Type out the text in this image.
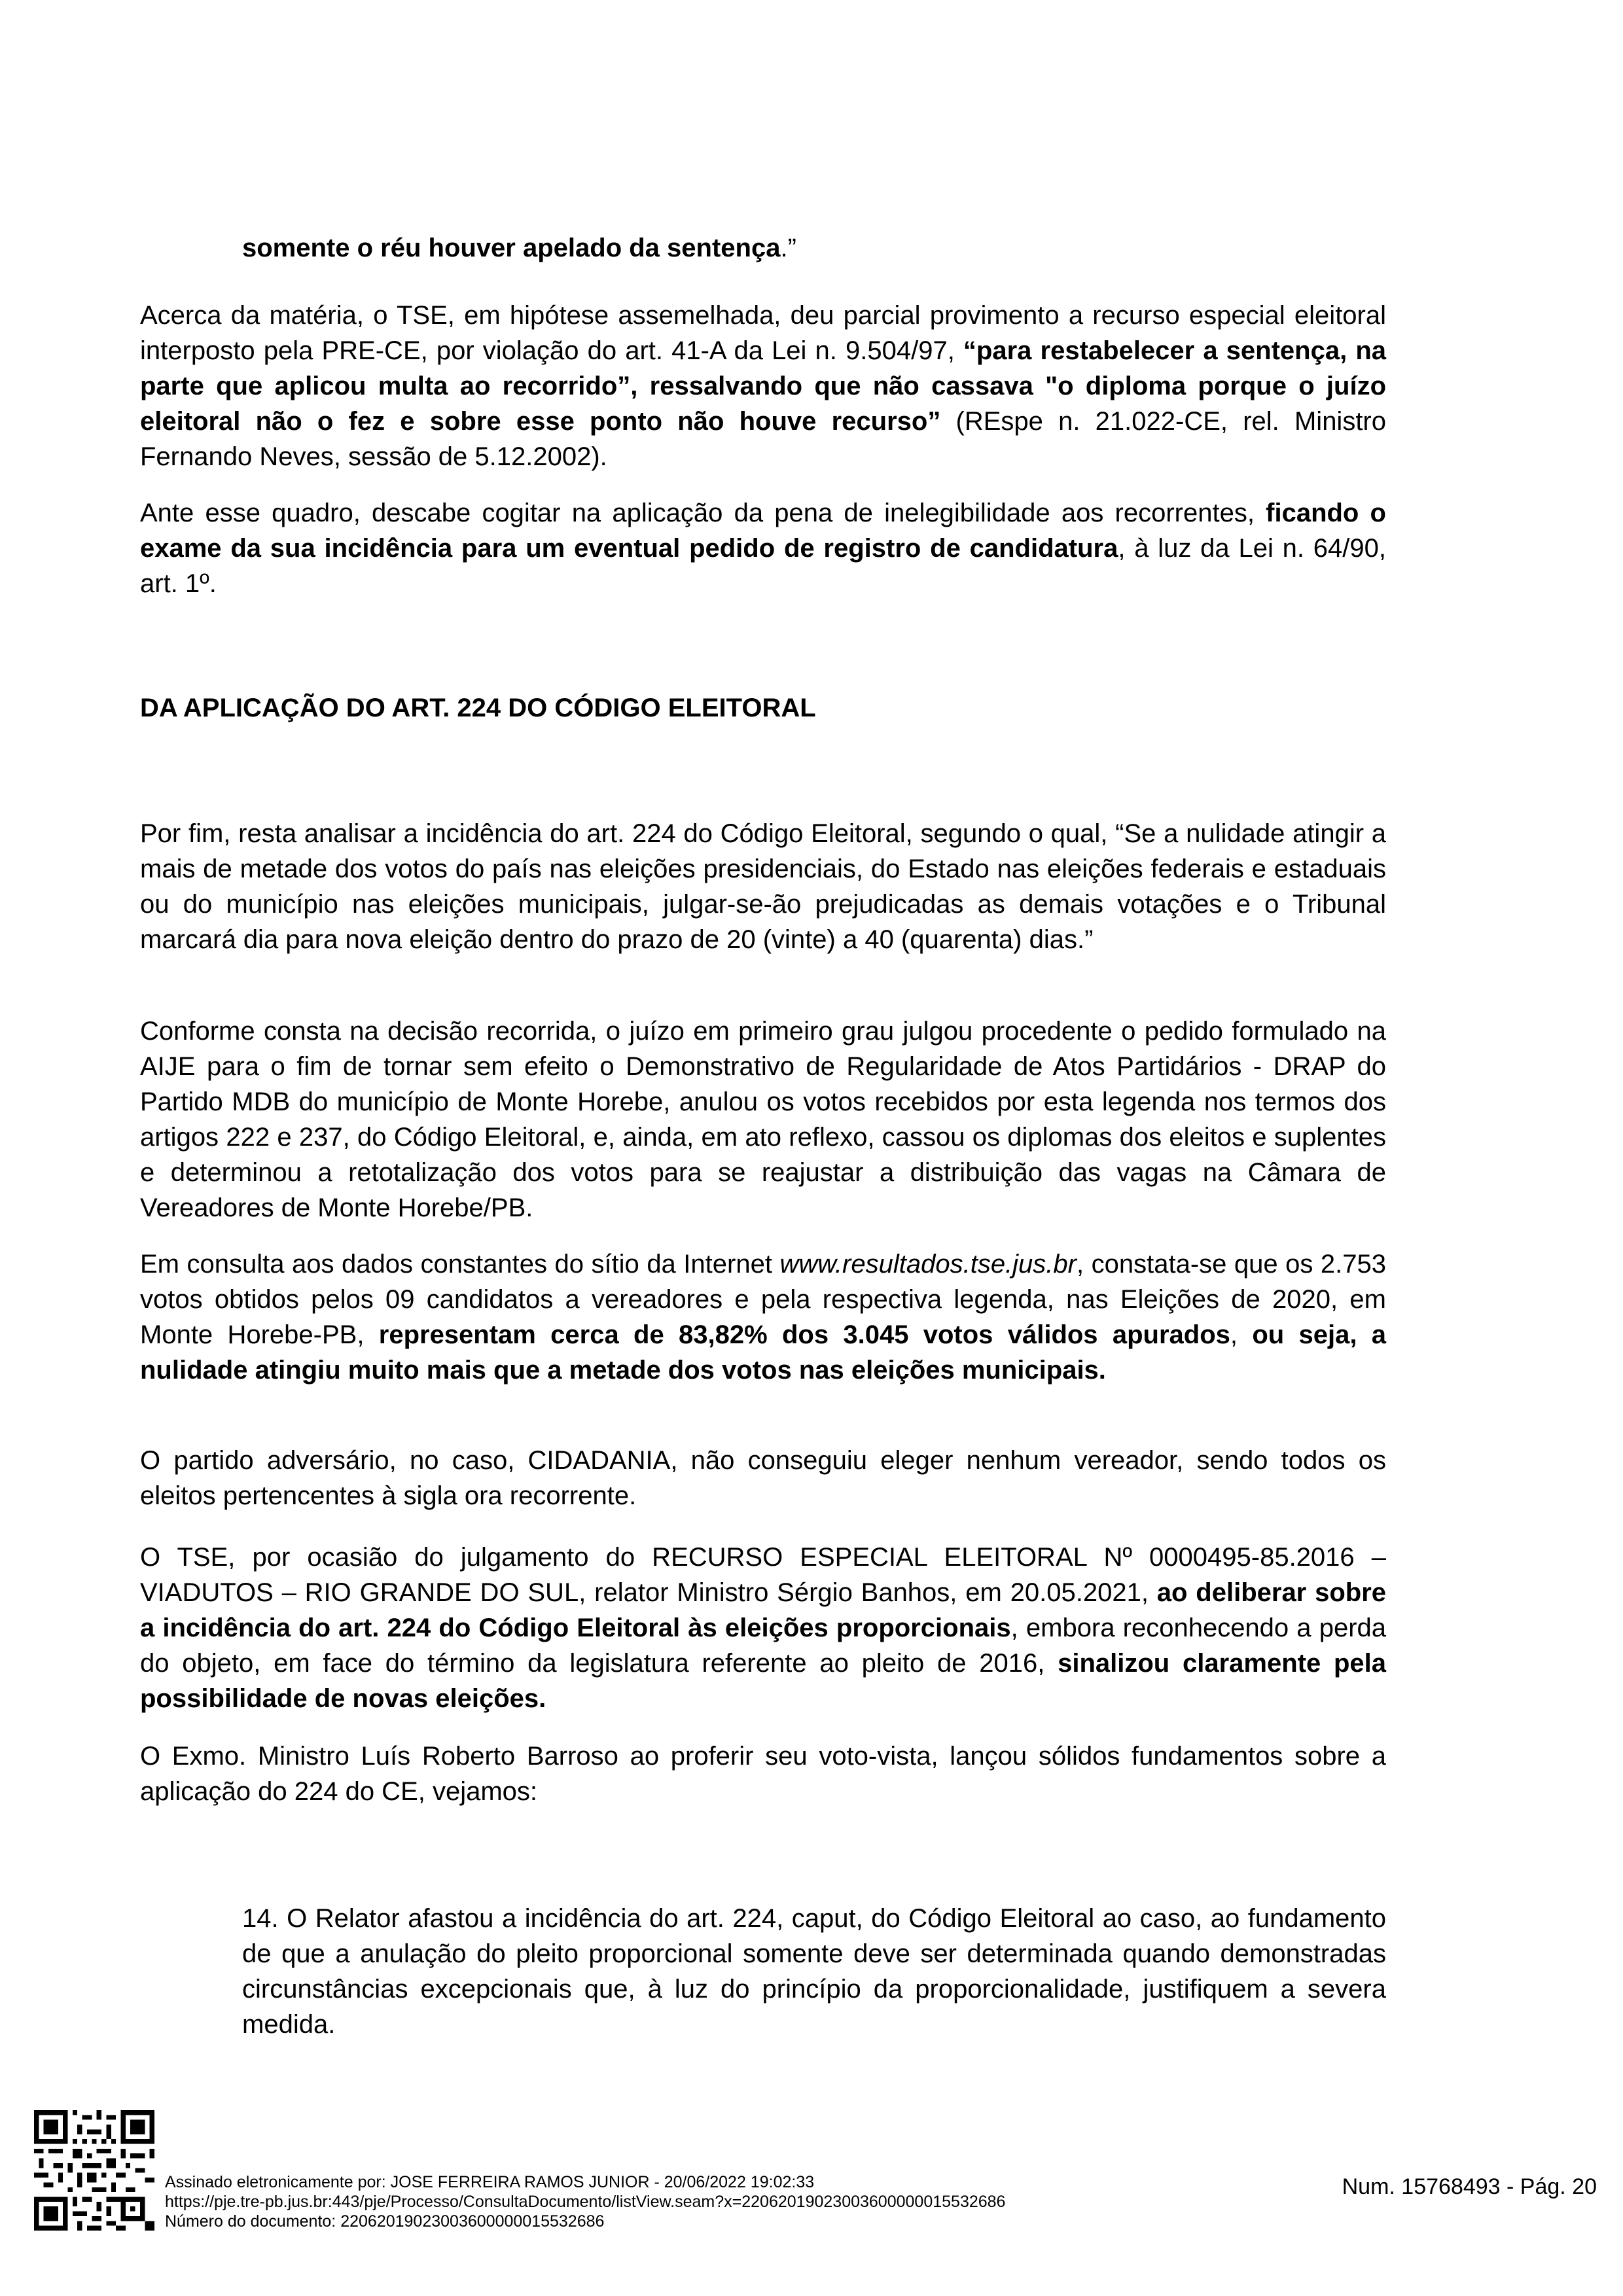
somente o réu houver apelado da sentença.”

Acerca da matéria, o TSE, em hipótese assemelhada, deu parcial provimento a recurso especial eleitoral interposto pela PRE-CE, por violação do art. 41-A da Lei n. 9.504/97, “para restabelecer a sentença, na parte que aplicou multa ao recorrido”, ressalvando que não cassava "o diploma porque o juízo eleitoral não o fez e sobre esse ponto não houve recurso” (REspe n. 21.022-CE, rel. Ministro Fernando Neves, sessão de 5.12.2002).

Ante esse quadro, descabe cogitar na aplicação da pena de inelegibilidade aos recorrentes, ficando o exame da sua incidência para um eventual pedido de registro de candidatura, à luz da Lei n. 64/90, art. 1º.

DA APLICAÇÃO DO ART. 224 DO CÓDIGO ELEITORAL

Por fim, resta analisar a incidência do art. 224 do Código Eleitoral, segundo o qual, “Se a nulidade atingir a mais de metade dos votos do país nas eleições presidenciais, do Estado nas eleições federais e estaduais ou do município nas eleições municipais, julgar-se-ão prejudicadas as demais votações e o Tribunal marcará dia para nova eleição dentro do prazo de 20 (vinte) a 40 (quarenta) dias.”

Conforme consta na decisão recorrida, o juízo em primeiro grau julgou procedente o pedido formulado na AIJE para o fim de tornar sem efeito o Demonstrativo de Regularidade de Atos Partidários - DRAP do Partido MDB do município de Monte Horebe, anulou os votos recebidos por esta legenda nos termos dos artigos 222 e 237, do Código Eleitoral, e, ainda, em ato reflexo, cassou os diplomas dos eleitos e suplentes e determinou a retotalização dos votos para se reajustar a distribuição das vagas na Câmara de Vereadores de Monte Horebe/PB.

Em consulta aos dados constantes do sítio da Internet www.resultados.tse.jus.br, constata-se que os 2.753 votos obtidos pelos 09 candidatos a vereadores e pela respectiva legenda, nas Eleições de 2020, em Monte Horebe-PB, representam cerca de 83,82% dos 3.045 votos válidos apurados, ou seja, a nulidade atingiu muito mais que a metade dos votos nas eleições municipais.

O partido adversário, no caso, CIDADANIA, não conseguiu eleger nenhum vereador, sendo todos os eleitos pertencentes à sigla ora recorrente.

O TSE, por ocasião do julgamento do RECURSO ESPECIAL ELEITORAL Nº 0000495-85.2016 – VIADUTOS – RIO GRANDE DO SUL, relator Ministro Sérgio Banhos, em 20.05.2021, ao deliberar sobre a incidência do art. 224 do Código Eleitoral às eleições proporcionais, embora reconhecendo a perda do objeto, em face do término da legislatura referente ao pleito de 2016, sinalizou claramente pela possibilidade de novas eleições.

O Exmo. Ministro Luís Roberto Barroso ao proferir seu voto-vista, lançou sólidos fundamentos sobre a aplicação do 224 do CE, vejamos:

14. O Relator afastou a incidência do art. 224, caput, do Código Eleitoral ao caso, ao fundamento de que a anulação do pleito proporcional somente deve ser determinada quando demonstradas circunstâncias excepcionais que, à luz do princípio da proporcionalidade, justifiquem a severa medida.

Assinado eletronicamente por: JOSE FERREIRA RAMOS JUNIOR - 20/06/2022 19:02:33
https://pje.tre-pb.jus.br:443/pje/Processo/ConsultaDocumento/listView.seam?x=22062019023003600000015532686
Número do documento: 22062019023003600000015532686
Num. 15768493 - Pág. 20
